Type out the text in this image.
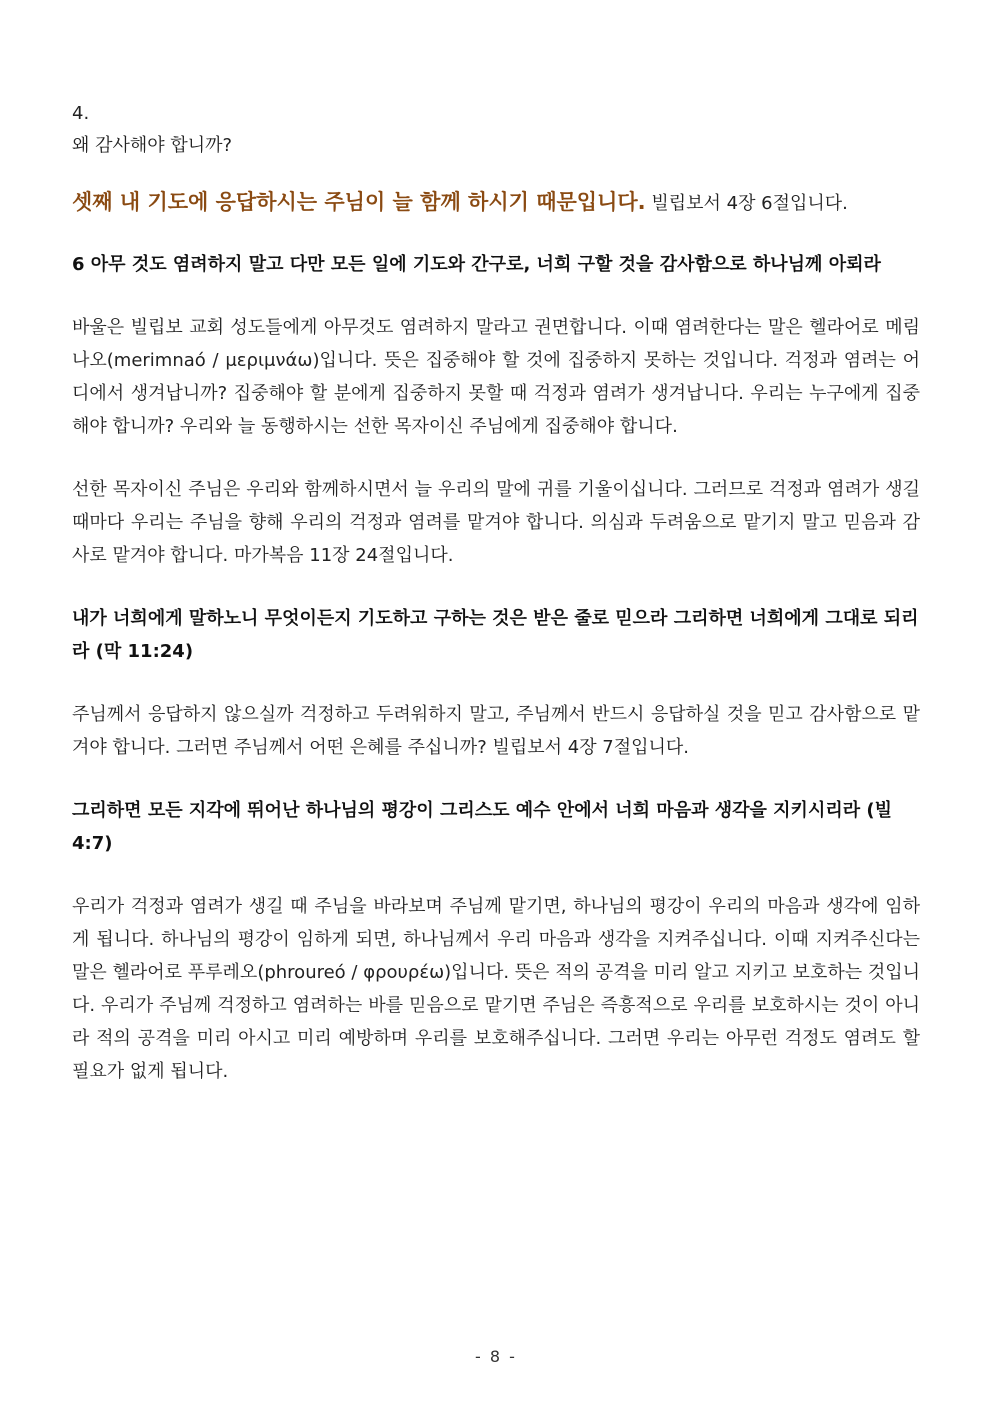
4.

왜 감사해야 합니까?

셋째 내 기도에 응답하시는 주님이 늘 함께 하시기 때문입니다. 빌립보서 4장 6절입니다.

6 아무 것도 염려하지 말고 다만 모든 일에 기도와 간구로, 너희 구할 것을 감사함으로 하나님께 아뢰라

바울은 빌립보 교회 성도들에게 아무것도 염려하지 말라고 권면합니다. 이때 염려한다는 말은 헬라어로 메림나오(merimnaó / μεριμνάω)입니다. 뜻은 집중해야 할 것에 집중하지 못하는 것입니다. 걱정과 염려는 어디에서 생겨납니까? 집중해야 할 분에게 집중하지 못할 때 걱정과 염려가 생겨납니다. 우리는 누구에게 집중해야 합니까? 우리와 늘 동행하시는 선한 목자이신 주님에게 집중해야 합니다.

선한 목자이신 주님은 우리와 함께하시면서 늘 우리의 말에 귀를 기울이십니다. 그러므로 걱정과 염려가 생길 때마다 우리는 주님을 향해 우리의 걱정과 염려를 맡겨야 합니다. 의심과 두려움으로 맡기지 말고 믿음과 감사로 맡겨야 합니다. 마가복음 11장 24절입니다.

내가 너희에게 말하노니 무엇이든지 기도하고 구하는 것은 받은 줄로 믿으라 그리하면 너희에게 그대로 되리라 (막 11:24)

주님께서 응답하지 않으실까 걱정하고 두려워하지 말고, 주님께서 반드시 응답하실 것을 믿고 감사함으로 맡겨야 합니다. 그러면 주님께서 어떤 은혜를 주십니까? 빌립보서 4장 7절입니다.

그리하면 모든 지각에 뛰어난 하나님의 평강이 그리스도 예수 안에서 너희 마음과 생각을 지키시리라 (빌 4:7)

우리가 걱정과 염려가 생길 때 주님을 바라보며 주님께 맡기면, 하나님의 평강이 우리의 마음과 생각에 임하게 됩니다. 하나님의 평강이 임하게 되면, 하나님께서 우리 마음과 생각을 지켜주십니다. 이때 지켜주신다는 말은 헬라어로 푸루레오(phroureó / φρουρέω)입니다. 뜻은 적의 공격을 미리 알고 지키고 보호하는 것입니다. 우리가 주님께 걱정하고 염려하는 바를 믿음으로 맡기면 주님은 즉흥적으로 우리를 보호하시는 것이 아니라 적의 공격을 미리 아시고 미리 예방하며 우리를 보호해주십니다. 그러면 우리는 아무런 걱정도 염려도 할 필요가 없게 됩니다.

- 8 -
